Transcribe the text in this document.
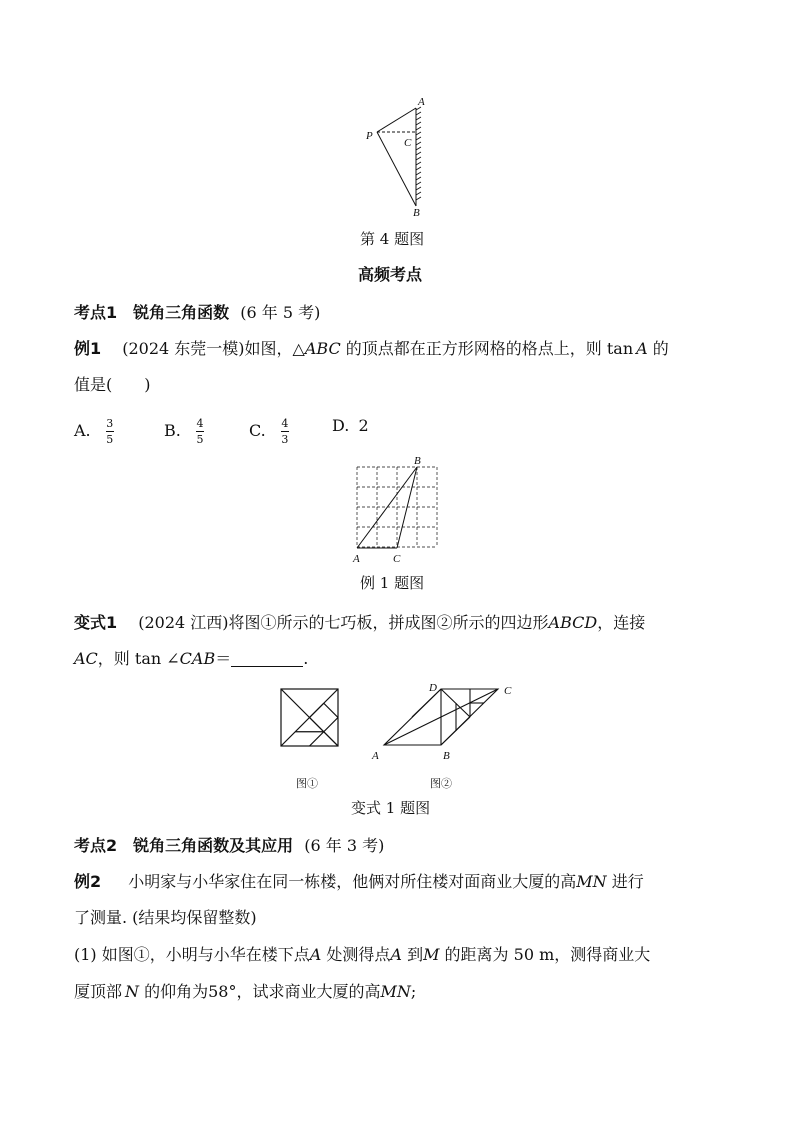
A
P
C
B
第 4 题图
高频考点
考点1　锐角三角函数 (6 年 5 考)
例1 (2024 东莞一模)如图，△ABC 的顶点都在正方形网格的格点上，则 tan A 的
值是(　　)
A. $\frac{3}{5}$	B. $\frac{4}{5}$	C. $\frac{4}{3}$	D. 2
A
B
C
例 1 题图
变式1 (2024 江西)将图①所示的七巧板，拼成图②所示的四边形ABCD，连接
AC，则 tan ∠CAB＝	.
图①
A	B
C
D
图②
变式 1 题图
考点2　锐角三角函数及其应用 (6 年 3 考)
例2 小明家与小华家住在同一栋楼，他俩对所住楼对面商业大厦的高MN 进行
了测量. (结果均保留整数)
(1) 如图①，小明与小华在楼下点A 处测得点A 到M 的距离为 50 m，测得商业大
厦顶部 N 的仰角为58°，试求商业大厦的高MN;
